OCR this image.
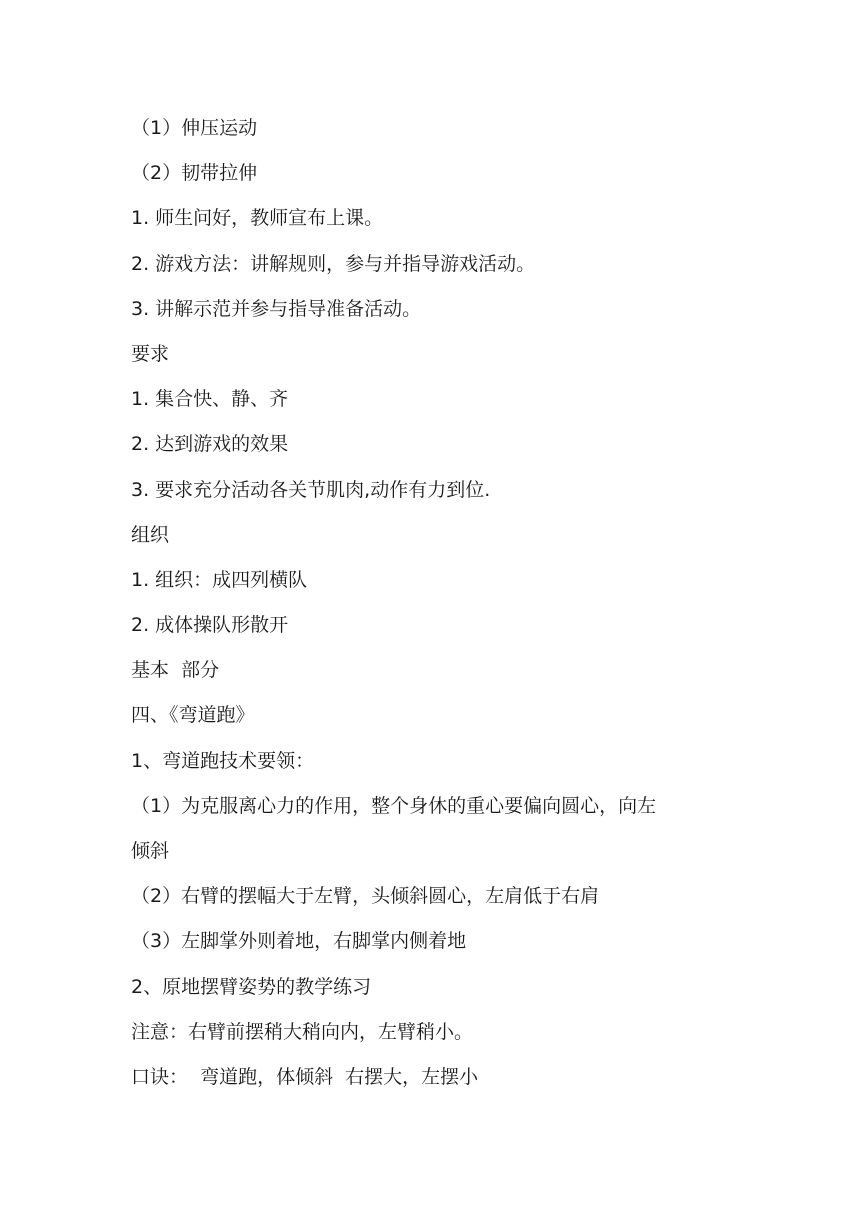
（1）伸压运动

（2）韧带拉伸

1. 师生问好，教师宣布上课。

2. 游戏方法：讲解规则，参与并指导游戏活动。

3. 讲解示范并参与指导准备活动。

要求

1. 集合快、静、齐

2. 达到游戏的效果

3. 要求充分活动各关节肌肉,动作有力到位.

组织

1. 组织：成四列横队

2. 成体操队形散开

基本  部分

四、《弯道跑》

1、弯道跑技术要领：

（1）为克服离心力的作用，整个身休的重心要偏向圆心，向左

倾斜

（2）右臂的摆幅大于左臂，头倾斜圆心，左肩低于右肩

（3）左脚掌外则着地，右脚掌内侧着地

2、原地摆臂姿势的教学练习

注意：右臂前摆稍大稍向内，左臂稍小。

口诀：  弯道跑，体倾斜  右摆大，左摆小
